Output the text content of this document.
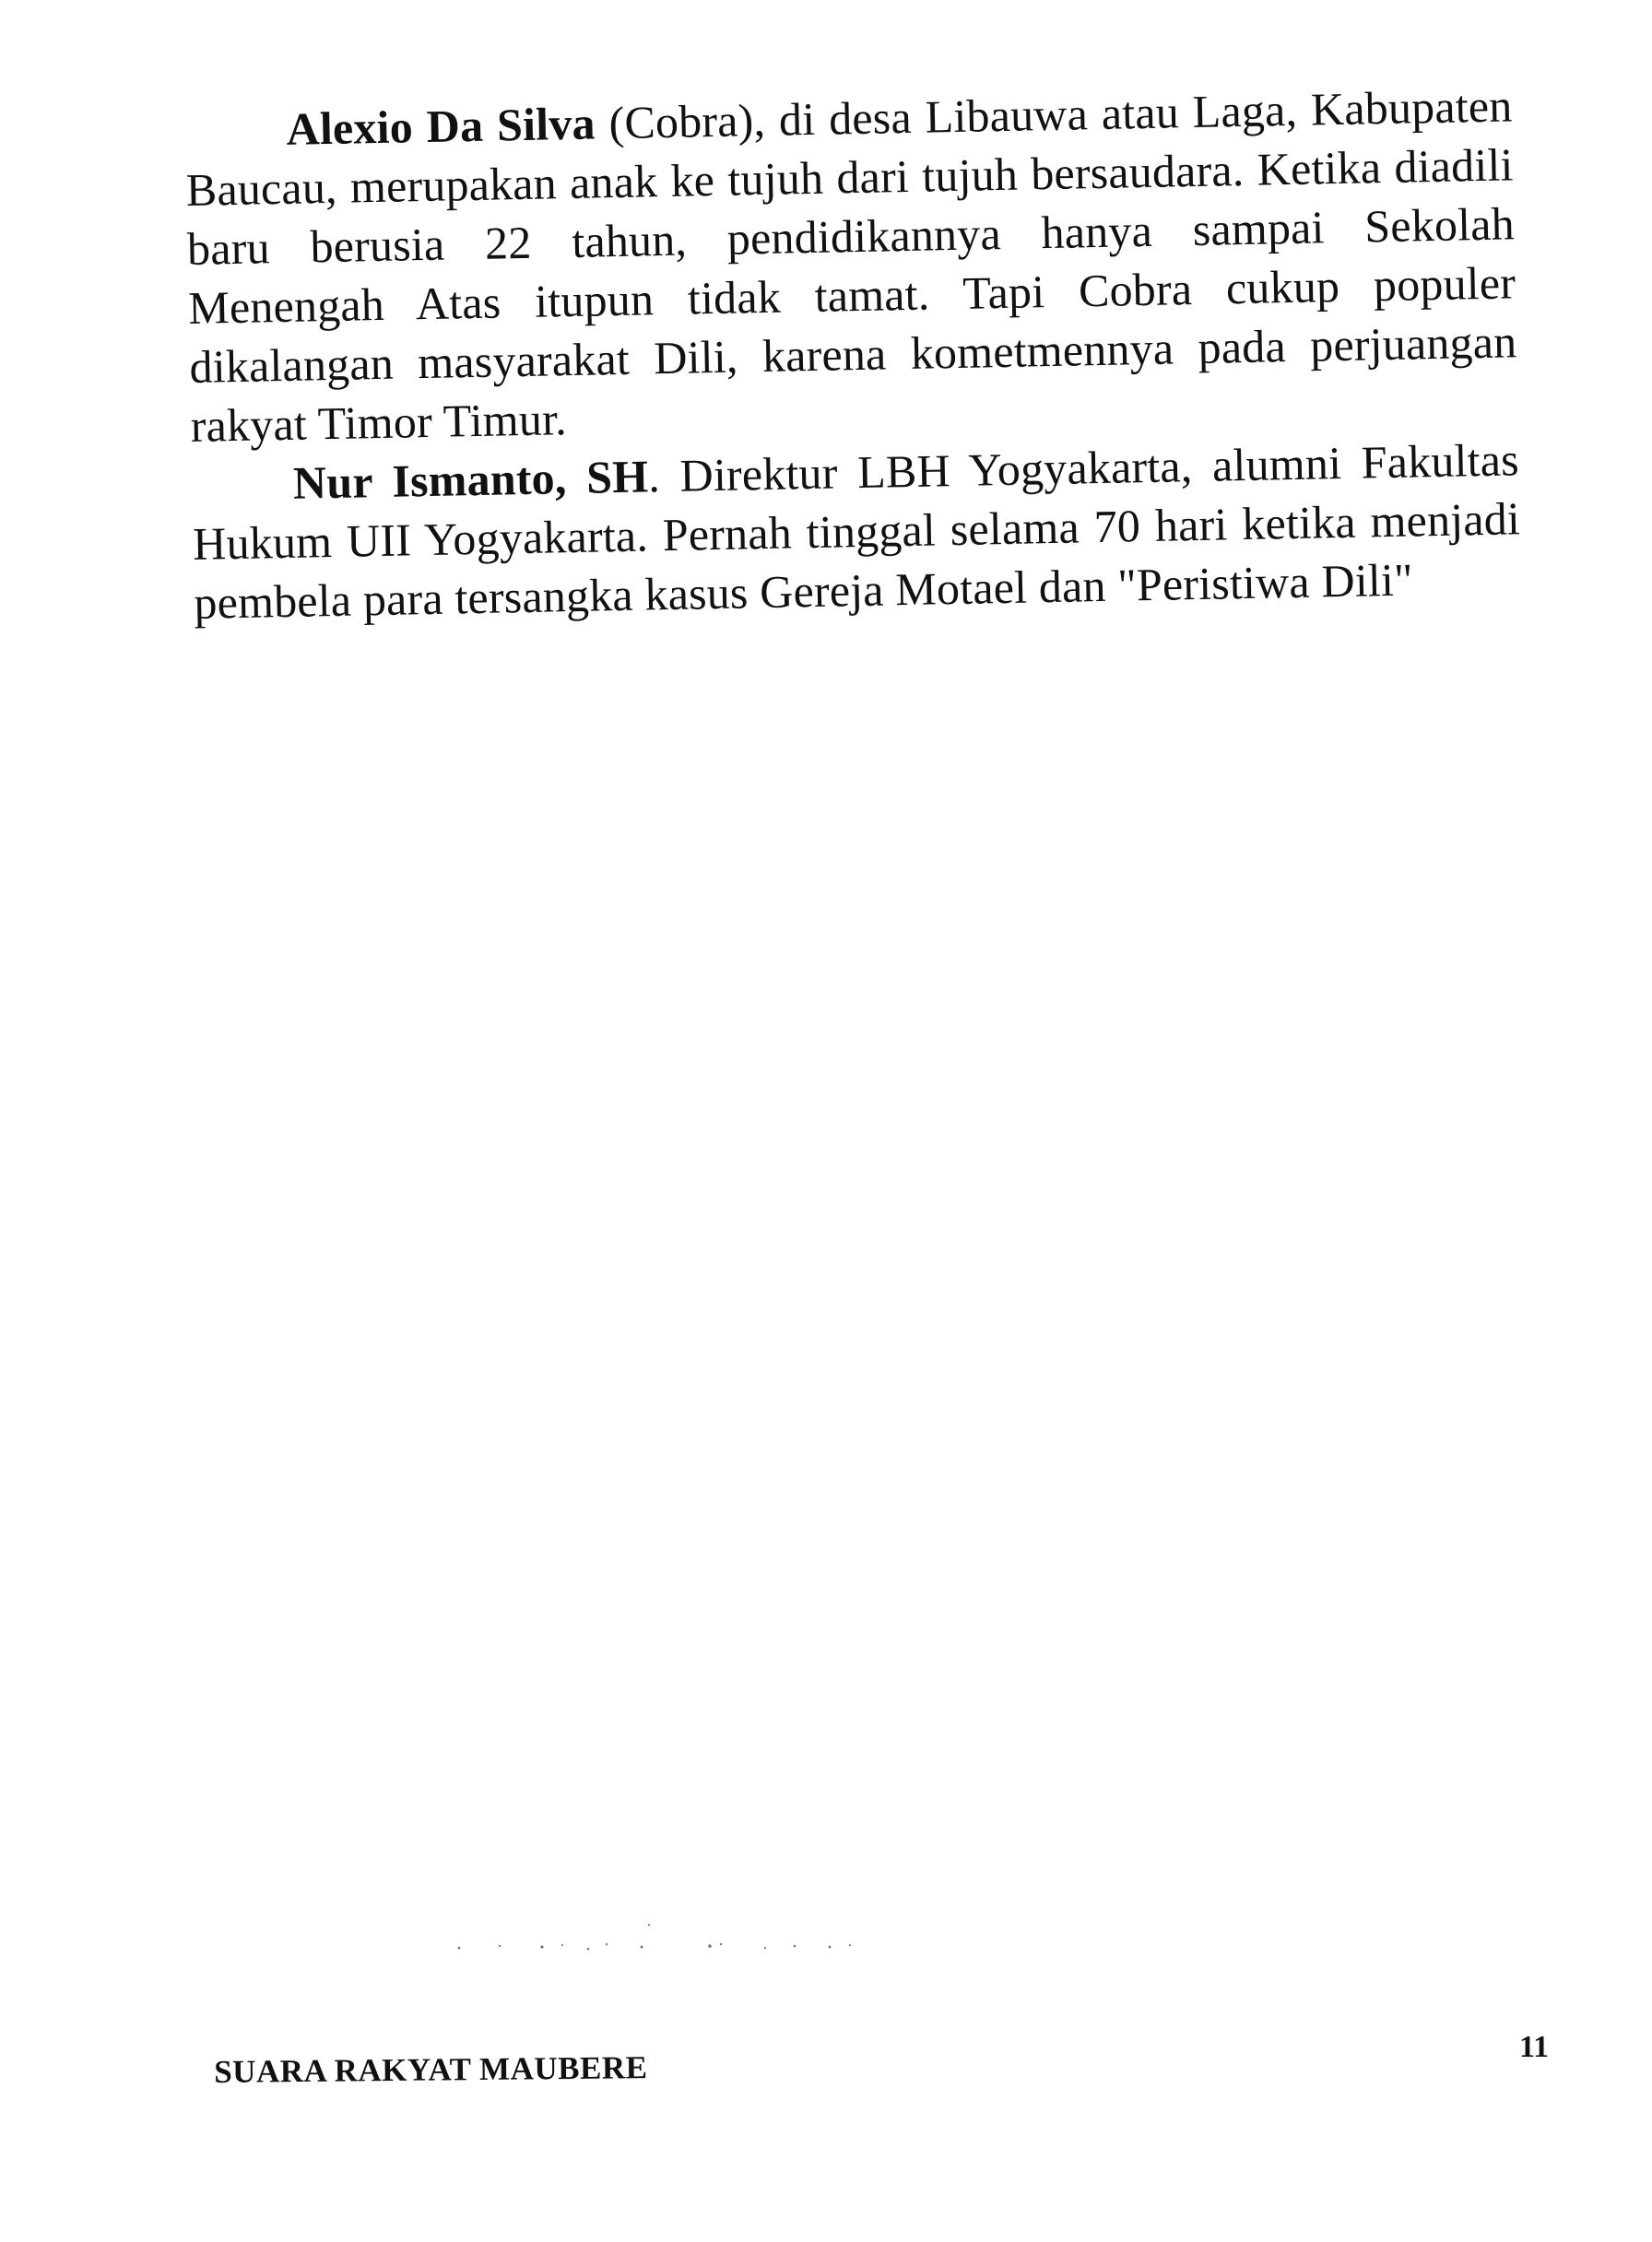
Alexio Da Silva (Cobra), di desa Libauwa atau Laga, Kabupaten Baucau, merupakan anak ke tujuh dari tujuh bersaudara. Ketika diadili baru berusia 22 tahun, pendidikannya hanya sampai Sekolah Menengah Atas itupun tidak tamat. Tapi Cobra cukup populer dikalangan masyarakat Dili, karena kometmennya pada perjuangan rakyat Timor Timur.

Nur Ismanto, SH. Direktur LBH Yogyakarta, alumni Fakultas Hukum UII Yogyakarta. Pernah tinggal selama 70 hari ketika menjadi pembela para tersangka kasus Gereja Motael dan "Peristiwa Dili"

SUARA RAKYAT MAUBERE
11
